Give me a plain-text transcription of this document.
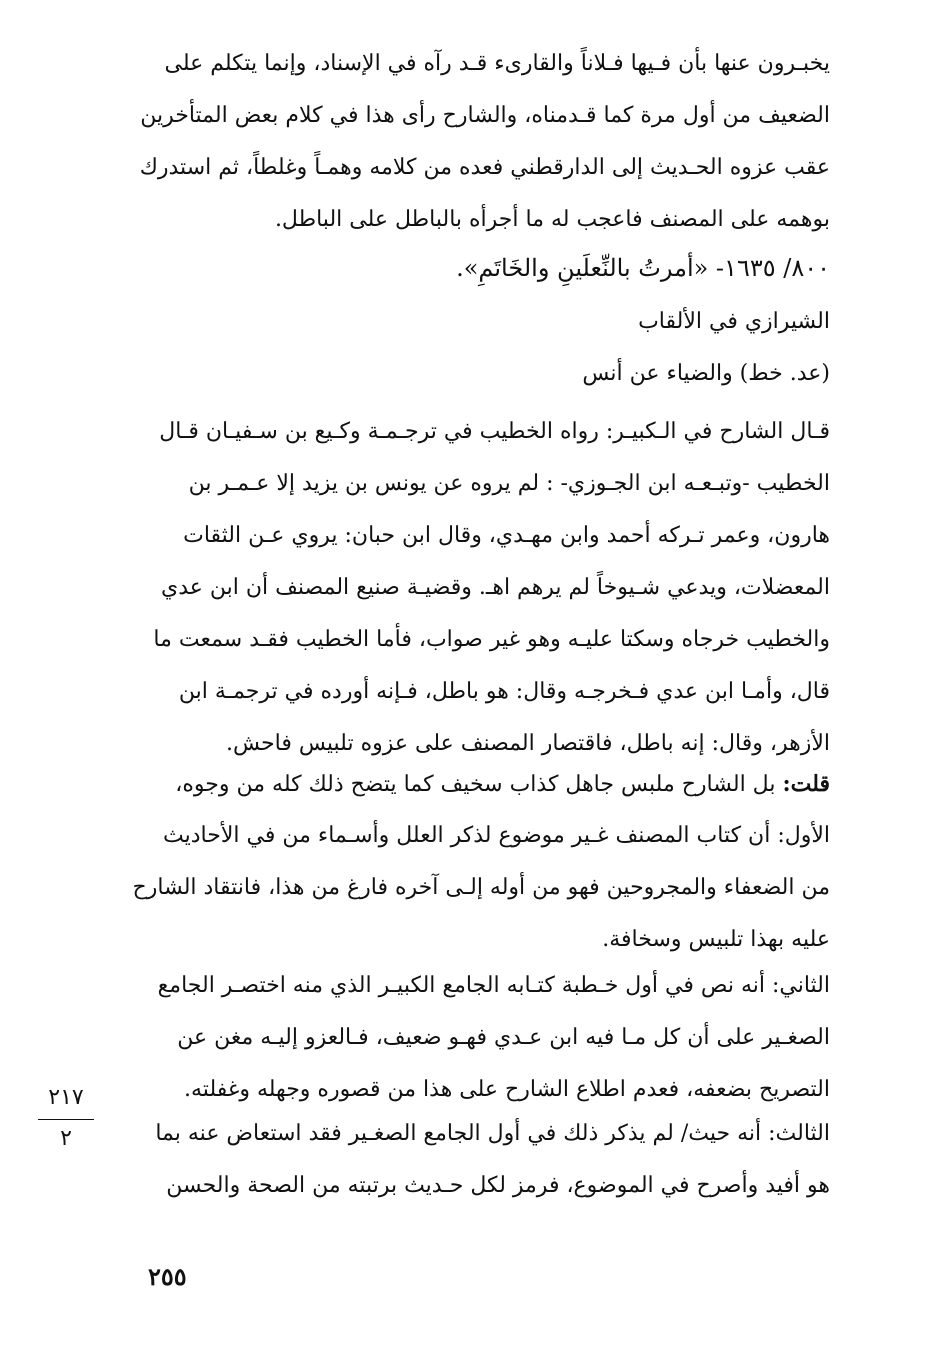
يخبـرون عنها بأن فـيها فـلاناً والقارىء قـد رآه في الإسناد، وإنما يتكلم على
الضعيف من أول مرة كما قـدمناه، والشارح رأى هذا في كلام بعض المتأخرين
عقب عزوه الحـديث إلى الدارقطني فعده من كلامه وهمـاً وغلطاً، ثم استدرك
بوهمه على المصنف فاعجب له ما أجرأه بالباطل على الباطل.
٨٠٠/ ١٦٣٥- «أمرتُ بالنِّعلَينِ والخَاتَمِ».
الشيرازي في الألقاب
(عد. خط) والضياء عن أنس
قـال الشارح في الـكبيـر: رواه الخطيب في ترجـمـة وكـيع بن سـفيـان قـال
الخطيب -وتبـعـه ابن الجـوزي- : لم يروه عن يونس بن يزيد إلا عـمـر بن
هارون، وعمر تـركه أحمد وابن مهـدي، وقال ابن حبان: يروي عـن الثقات
المعضلات، ويدعي شـيوخاً لم يرهم اهـ. وقضيـة صنيع المصنف أن ابن عدي
والخطيب خرجاه وسكتا عليـه وهو غير صواب، فأما الخطيب فقـد سمعت ما
قال، وأمـا ابن عدي فـخرجـه وقال: هو باطل، فـإنه أورده في ترجمـة ابن
الأزهر، وقال: إنه باطل، فاقتصار المصنف على عزوه تلبيس فاحش.
قلت: بل الشارح ملبس جاهل كذاب سخيف كما يتضح ذلك كله من وجوه،
الأول: أن كتاب المصنف غـير موضوع لذكر العلل وأسـماء من في الأحاديث
من الضعفاء والمجروحين فهو من أوله إلـى آخره فارغ من هذا، فانتقاد الشارح
عليه بهذا تلبيس وسخافة.
الثاني: أنه نص في أول خـطبة كتـابه الجامع الكبيـر الذي منه اختصـر الجامع
الصغـير على أن كل مـا فيه ابن عـدي فهـو ضعيف، فـالعزو إليـه مغن عن
التصريح بضعفه، فعدم اطلاع الشارح على هذا من قصوره وجهله وغفلته.
الثالث: أنه حيث/ لم يذكر ذلك في أول الجامع الصغـير فقد استعاض عنه بما
هو أفيد وأصرح في الموضوع، فرمز لكل حـديث برتبته من الصحة والحسن
٢١٧
٢
٢٥٥
